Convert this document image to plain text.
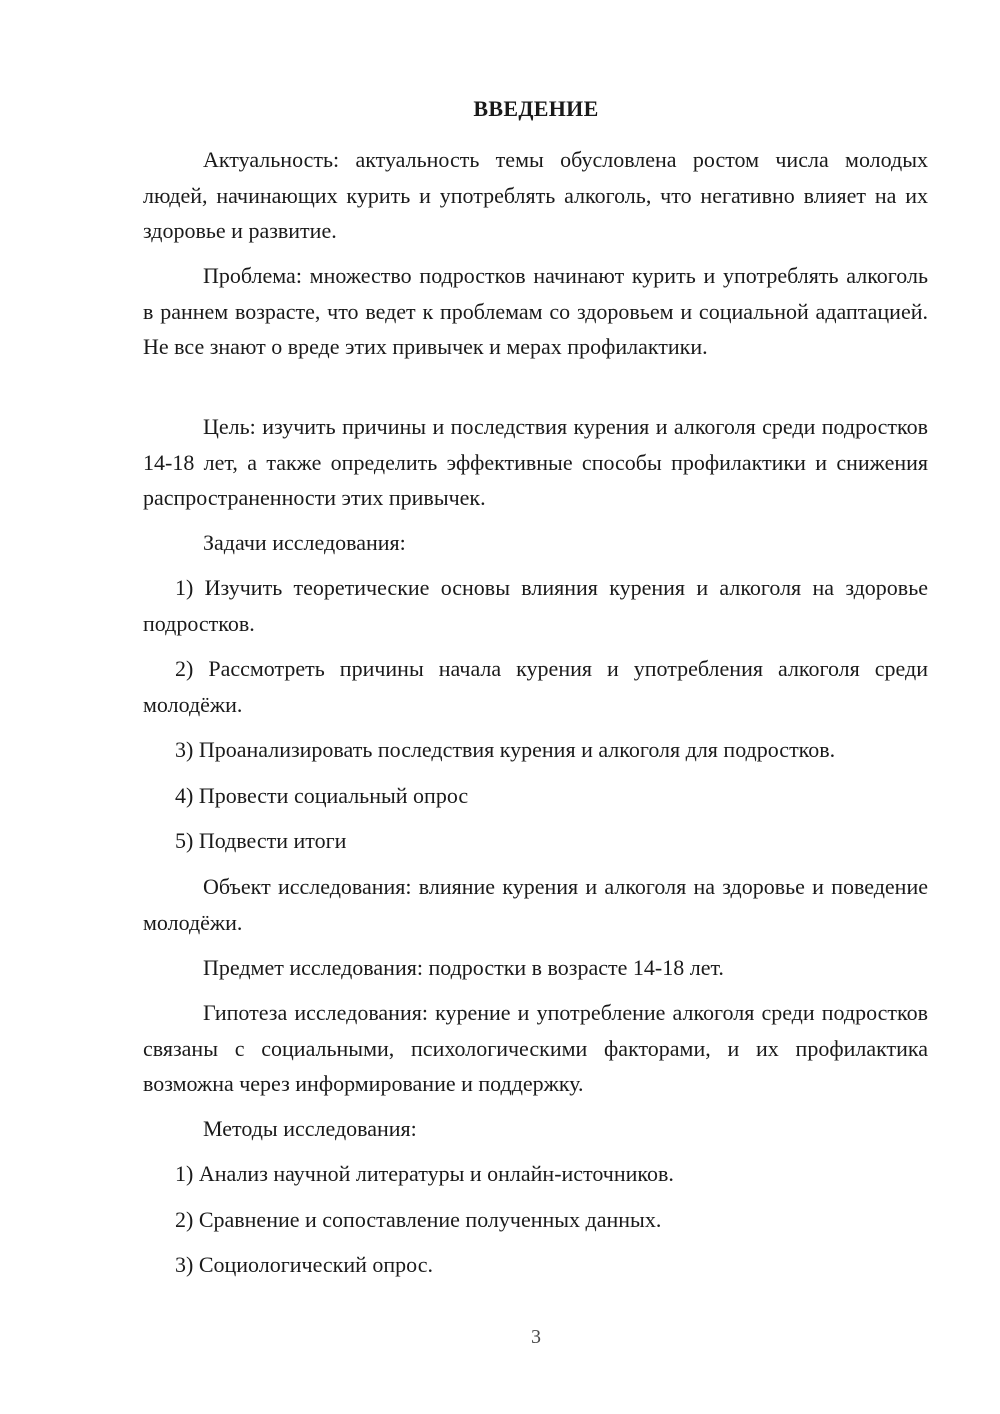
ВВЕДЕНИЕ

Актуальность: актуальность темы обусловлена ростом числа молодых людей, начинающих курить и употреблять алкоголь, что негативно влияет на их здоровье и развитие.

Проблема: множество подростков начинают курить и употреблять алкоголь в раннем возрасте, что ведет к проблемам со здоровьем и социальной адаптацией. Не все знают о вреде этих привычек и мерах профилактики.

Цель: изучить причины и последствия курения и алкоголя среди подростков 14-18 лет, а также определить эффективные способы профилактики и снижения распространенности этих привычек.

Задачи исследования:

1) Изучить теоретические основы влияния курения и алкоголя на здоровье подростков.

2) Рассмотреть причины начала курения и употребления алкоголя среди молодёжи.

3) Проанализировать последствия курения и алкоголя для подростков.

4) Провести социальный опрос

5) Подвести итоги

Объект исследования: влияние курения и алкоголя на здоровье и поведение молодёжи.

Предмет исследования: подростки в возрасте 14-18 лет.

Гипотеза исследования: курение и употребление алкоголя среди подростков связаны с социальными, психологическими факторами, и их профилактика возможна через информирование и поддержку.

Методы исследования:

1) Анализ научной литературы и онлайн-источников.

2) Сравнение и сопоставление полученных данных.

3) Социологический опрос.

3
